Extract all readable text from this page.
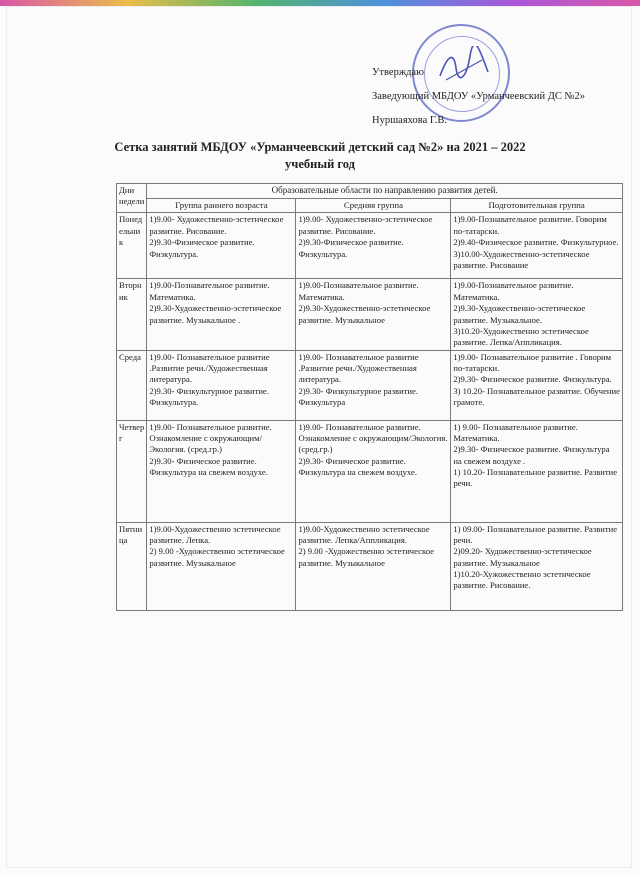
Утверждаю
Заведующий МБДОУ «Урманчеевский ДС №2»
Нуршаяхова Г.В.
Сетка занятий МБДОУ «Урманчеевский детский сад №2» на 2021 – 2022
учебный год
Дни недели	Образовательные области по направлению развития детей.		
	Группа раннего возраста	Средняя группа	Подготовительная группа
Понедельник	1)9.00- Художественно-эстетическое развитие. Рисование.
2)9.30-Физическое развитие. Физкультура.	1)9.00- Художественно-эстетическое развитие. Рисование.
2)9.30-Физическое развитие. Физкультура.	1)9.00-Познавательное развитие. Говорим по-татарски.
2)9.40-Физическое развитие. Физкультурное.
3)10.00-Художественно-эстетическое развитие. Рисование

Вторник	1)9.00-Познавательное развитие. Математика.
2)9.30-Художественно-эстетическое развитие. Музыкальное .	1)9.00-Познавательное развитие. Математика.
2)9.30-Художественно-эстетическое развитие. Музыкальное	1)9.00-Познавательное развитие. Математика.
2)9.30-Художественно-эстетическое развитие. Музыкальное.
3)10.20-Художественно эстетическое развитие. Лепка/Аппликация.

Среда	1)9.00- Познавательное развитие .Развитие речи./Художественная литература.
2)9.30- Физкультурное развитие. Физкультура.	1)9.00- Познавательное развитие .Развитие речи./Художественная литература.
2)9.30- Физкультурное развитие. Физкультура	1)9.00- Познавательное развитие . Говорим по-татарски.
2)9.30- Физическое развитие. Физкультура.
3) 10.20- Познавательное развитие. Обучение грамоте.

Четверг	1)9.00- Познавательное развитие. Ознакомление с окружающим/Экология. (сред.гр.)
2)9.30- Физическое развитие. Физкультура на свежем воздухе.	1)9.00- Познавательное развитие. Ознакомление с окружающим/Экология. (сред.гр.)
2)9.30- Физическое развитие. Физкультура на свежем воздухе.	1) 9.00- Познавательное развитие. Математика.
2)9.30- Физическое развитие. Физкультура на свежем воздухе .
1) 10.20- Познавательное развитие. Развитие речи.

Пятница	1)9.00-Художественно эстетическое развитие. Лепка.
2) 9.00 -Художественно эстетическое развитие. Музыкальное	1)9.00-Художественно эстетическое развитие. Лепка/Аппликация.
2) 9.00 -Художественно эстетическое развитие. Музыкальное	1) 09.00- Познавательное развитие. Развитие речи.
2)09.20- Художественно-эстетическое развитие. Музыкальное
1)10.20-Хужожественно эстетическое развитие. Рисование.
